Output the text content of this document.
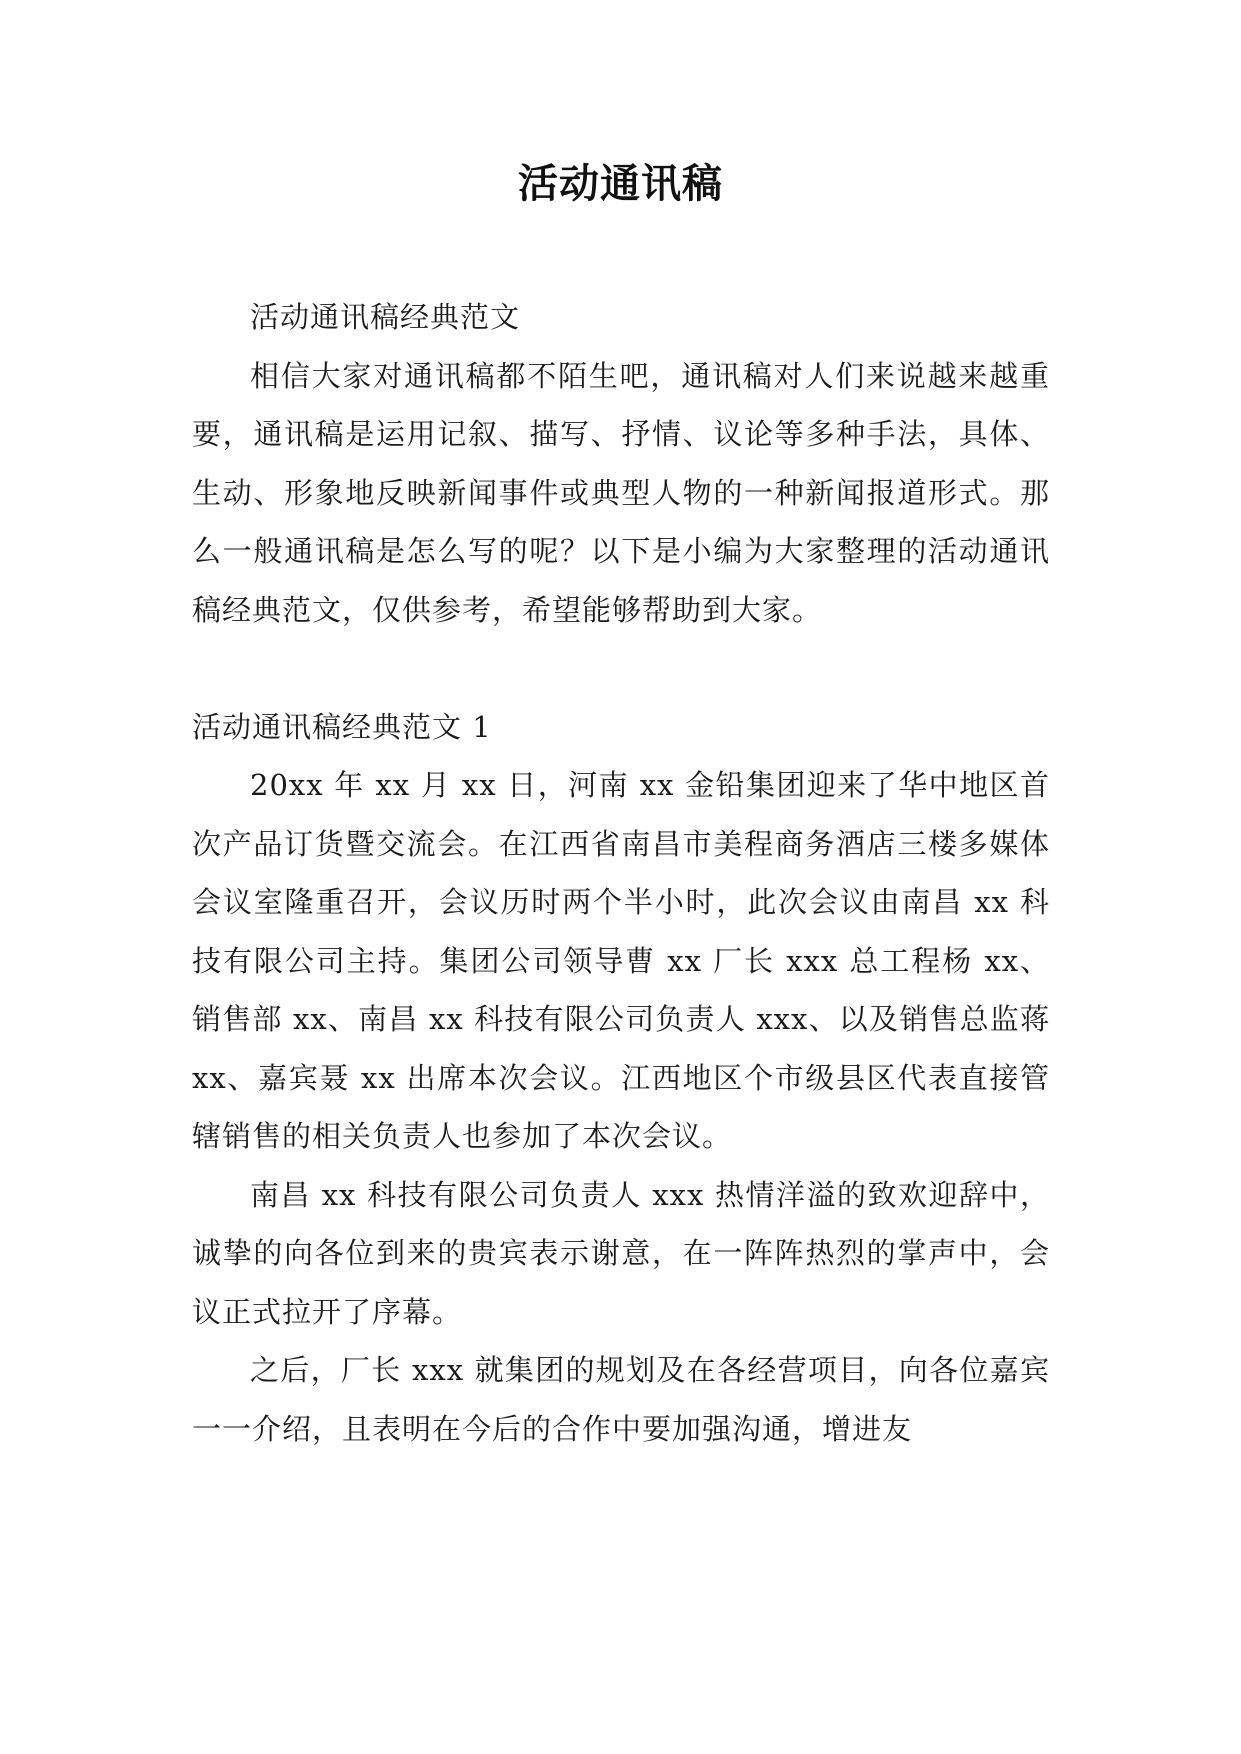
活动通讯稿

活动通讯稿经典范文

相信大家对通讯稿都不陌生吧，通讯稿对人们来说越来越重要，通讯稿是运用记叙、描写、抒情、议论等多种手法，具体、生动、形象地反映新闻事件或典型人物的一种新闻报道形式。那么一般通讯稿是怎么写的呢？以下是小编为大家整理的活动通讯稿经典范文，仅供参考，希望能够帮助到大家。

活动通讯稿经典范文 1

20xx 年 xx 月 xx 日，河南 xx 金铅集团迎来了华中地区首次产品订货暨交流会。在江西省南昌市美程商务酒店三楼多媒体会议室隆重召开，会议历时两个半小时，此次会议由南昌 xx 科技有限公司主持。集团公司领导曹 xx 厂长 xxx 总工程杨 xx、销售部 xx、南昌 xx 科技有限公司负责人 xxx、以及销售总监蒋 xx、嘉宾聂 xx 出席本次会议。江西地区个市级县区代表直接管辖销售的相关负责人也参加了本次会议。

南昌 xx 科技有限公司负责人 xxx 热情洋溢的致欢迎辞中，诚挚的向各位到来的贵宾表示谢意，在一阵阵热烈的掌声中，会议正式拉开了序幕。

之后，厂长 xxx 就集团的规划及在各经营项目，向各位嘉宾一一介绍，且表明在今后的合作中要加强沟通，增进友
